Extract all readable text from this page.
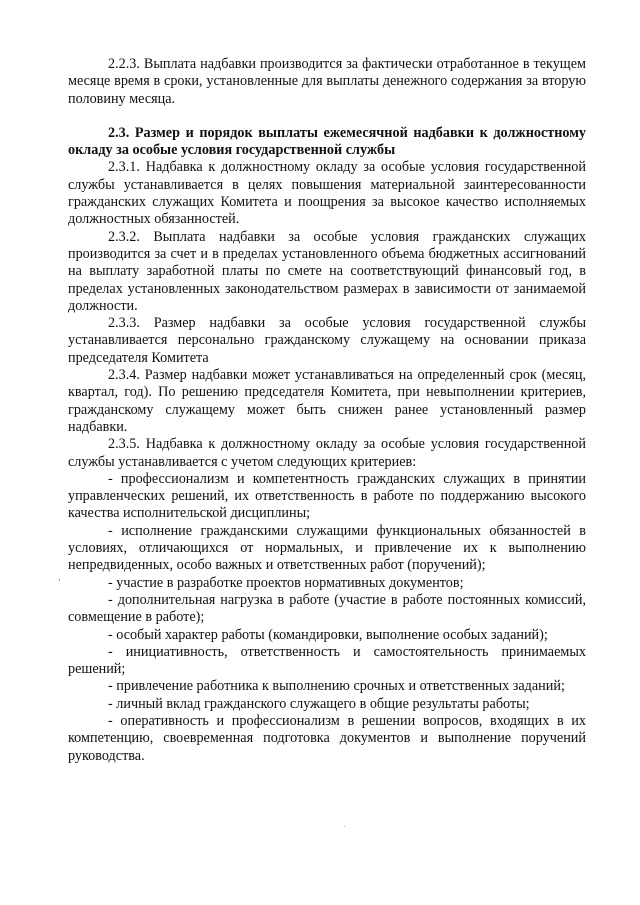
2.2.3. Выплата надбавки производится за фактически отработанное в текущем месяце время в сроки, установленные для выплаты денежного содержания за вторую половину месяца.

2.3. Размер и порядок выплаты ежемесячной надбавки к должностному окладу за особые условия государственной службы

2.3.1. Надбавка к должностному окладу за особые условия государственной службы устанавливается в целях повышения материальной заинтересованности гражданских служащих Комитета и поощрения за высокое качество исполняемых должностных обязанностей.

2.3.2. Выплата надбавки за особые условия гражданских служащих производится за счет и в пределах установленного объема бюджетных ассигнований на выплату заработной платы по смете на соответствующий финансовый год, в пределах установленных законодательством размерах в зависимости от занимаемой должности.

2.3.3. Размер надбавки за особые условия государственной службы устанавливается персонально гражданскому служащему на основании приказа председателя Комитета

2.3.4. Размер надбавки может устанавливаться на определенный срок (месяц, квартал, год). По решению председателя Комитета, при невыполнении критериев, гражданскому служащему может быть снижен ранее установленный размер надбавки.

2.3.5. Надбавка к должностному окладу за особые условия государственной службы устанавливается с учетом следующих критериев:

- профессионализм и компетентность гражданских служащих в принятии управленческих решений, их ответственность в работе по поддержанию высокого качества исполнительской дисциплины;

- исполнение гражданскими служащими функциональных обязанностей в условиях, отличающихся от нормальных, и привлечение их к выполнению непредвиденных, особо важных и ответственных работ (поручений);

- участие в разработке проектов нормативных документов;

- дополнительная нагрузка в работе (участие в работе постоянных комиссий, совмещение в работе);

- особый характер работы (командировки, выполнение особых заданий);

- инициативность, ответственность и самостоятельность принимаемых решений;

- привлечение работника к выполнению срочных и ответственных заданий;

- личный вклад гражданского служащего в общие результаты работы;

- оперативность и профессионализм в решении вопросов, входящих в их компетенцию, своевременная подготовка документов и выполнение поручений руководства.

'
.
